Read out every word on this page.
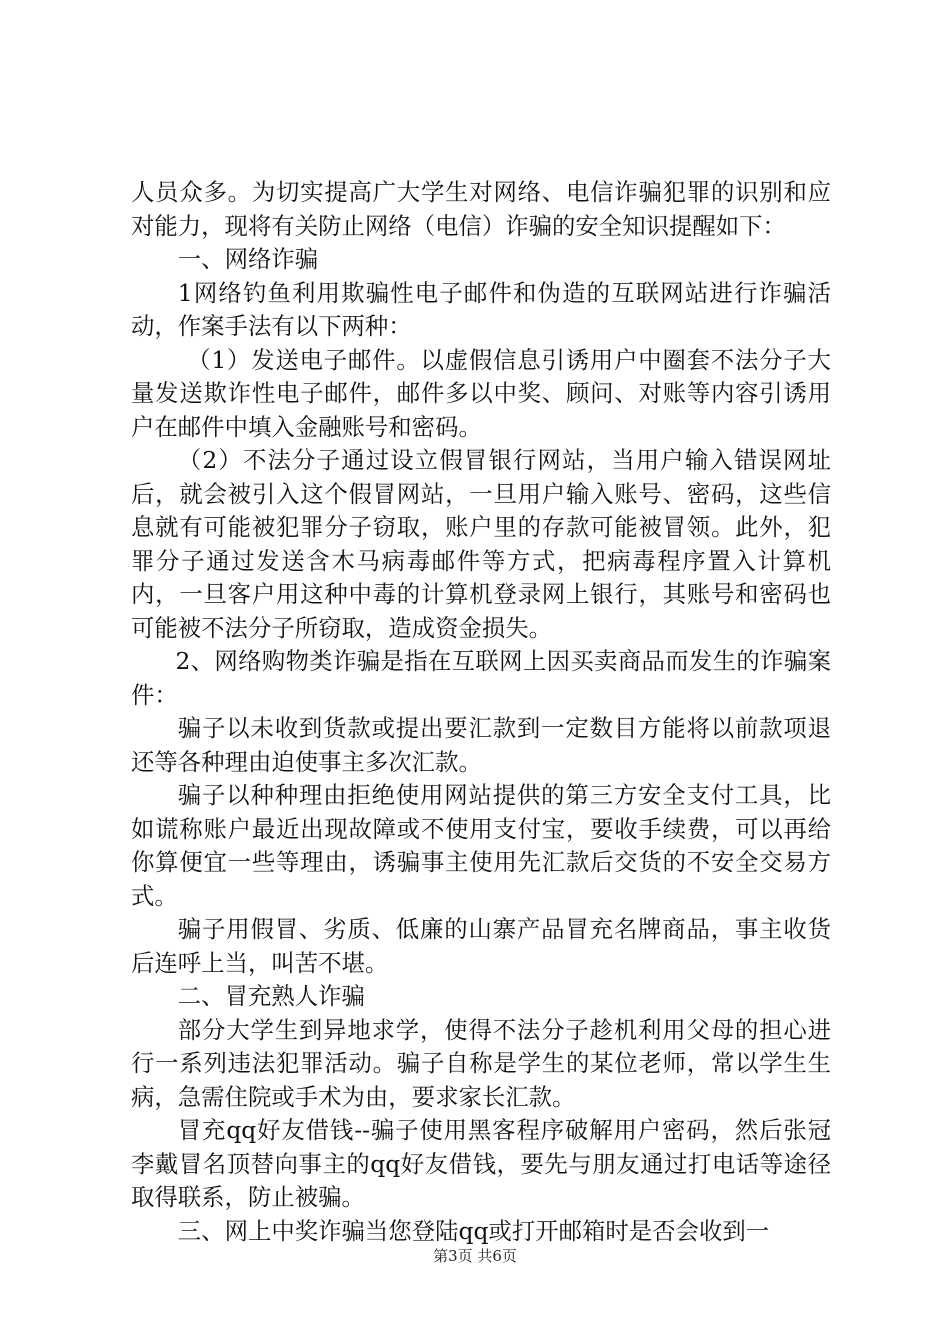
人员众多。为切实提高广大学生对网络、电信诈骗犯罪的识别和应对能力，现将有关防止网络（电信）诈骗的安全知识提醒如下：

一、网络诈骗

1网络钓鱼利用欺骗性电子邮件和伪造的互联网站进行诈骗活动，作案手法有以下两种：

（1）发送电子邮件。以虚假信息引诱用户中圈套不法分子大量发送欺诈性电子邮件，邮件多以中奖、顾问、对账等内容引诱用户在邮件中填入金融账号和密码。

（2）不法分子通过设立假冒银行网站，当用户输入错误网址后，就会被引入这个假冒网站，一旦用户输入账号、密码，这些信息就有可能被犯罪分子窃取，账户里的存款可能被冒领。此外，犯罪分子通过发送含木马病毒邮件等方式，把病毒程序置入计算机内，一旦客户用这种中毒的计算机登录网上银行，其账号和密码也可能被不法分子所窃取，造成资金损失。

2、网络购物类诈骗是指在互联网上因买卖商品而发生的诈骗案件：

骗子以未收到货款或提出要汇款到一定数目方能将以前款项退还等各种理由迫使事主多次汇款。

骗子以种种理由拒绝使用网站提供的第三方安全支付工具，比如谎称账户最近出现故障或不使用支付宝，要收手续费，可以再给你算便宜一些等理由，诱骗事主使用先汇款后交货的不安全交易方式。

骗子用假冒、劣质、低廉的山寨产品冒充名牌商品，事主收货后连呼上当，叫苦不堪。

二、冒充熟人诈骗

部分大学生到异地求学，使得不法分子趁机利用父母的担心进行一系列违法犯罪活动。骗子自称是学生的某位老师，常以学生生病，急需住院或手术为由，要求家长汇款。

冒充qq好友借钱--骗子使用黑客程序破解用户密码，然后张冠李戴冒名顶替向事主的qq好友借钱，要先与朋友通过打电话等途径取得联系，防止被骗。

三、网上中奖诈骗当您登陆qq或打开邮箱时是否会收到一

第3页 共6页
